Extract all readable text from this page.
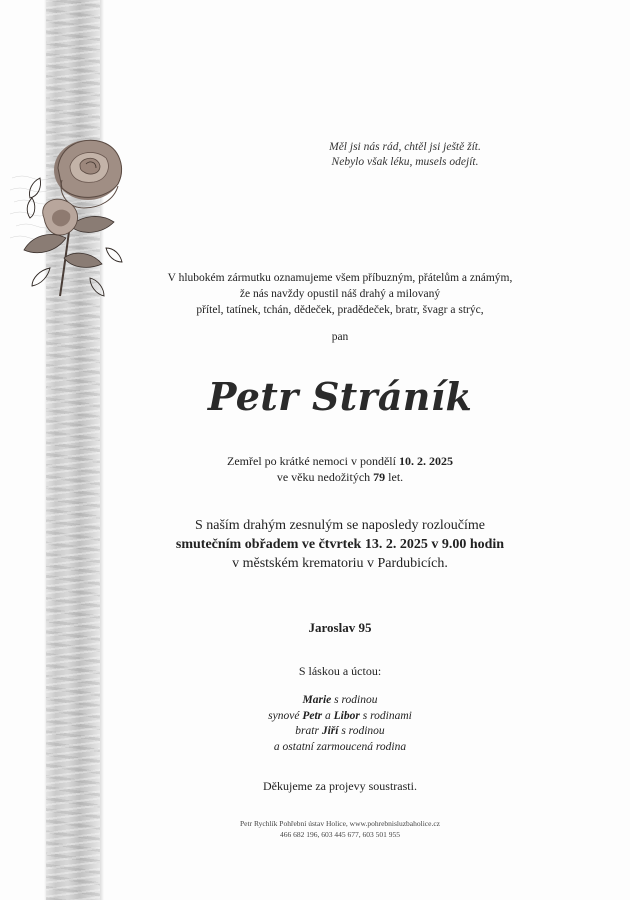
Měl jsi nás rád, chtěl jsi ještě žít.
Nebylo však léku, musels odejít.
V hlubokém zármutku oznamujeme všem příbuzným, přátelům a známým,
že nás navždy opustil náš drahý a milovaný
přítel, tatínek, tchán, dědeček, pradědeček, bratr, švagr a strýc,
pan
Petr Stráník
Zemřel po krátké nemoci v pondělí 10. 2. 2025
ve věku nedožitých 79 let.
S naším drahým zesnulým se naposledy rozloučíme
smutečním obřadem ve čtvrtek 13. 2. 2025 v 9.00 hodin
v městském krematoriu v Pardubicích.
Jaroslav 95
S láskou a úctou:
Marie s rodinou
synové Petr a Libor s rodinami
bratr Jiří s rodinou
a ostatní zarmoucená rodina
Děkujeme za projevy soustrasti.
Petr Rychlík Pohřební ústav Holice, www.pohrebnisluzbaholice.cz
466 682 196, 603 445 677, 603 501 955
